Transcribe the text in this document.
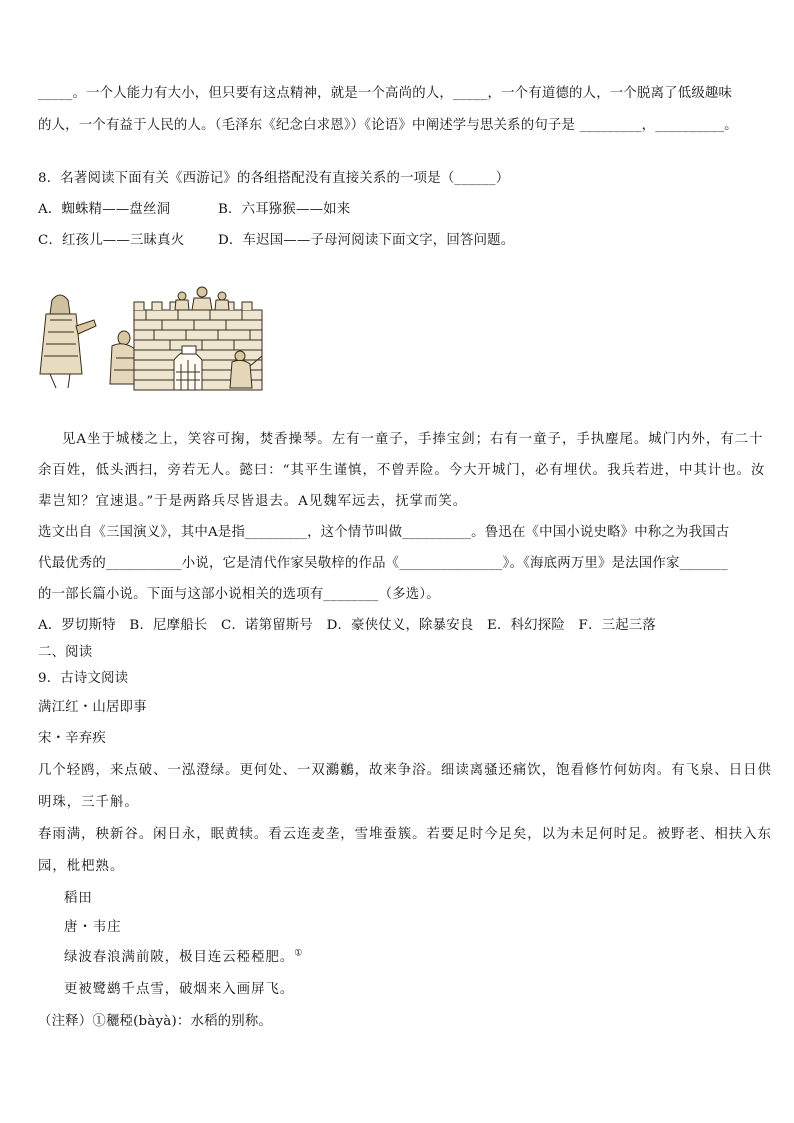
_____。一个人能力有大小，但只要有这点精神，就是一个高尚的人，_____，一个有道德的人，一个脱离了低级趣味
的人，一个有益于人民的人。（毛泽东《纪念白求恩》）《论语》中阐述学与思关系的句子是 _________，__________。
8．名著阅读下面有关《西游记》的各组搭配没有直接关系的一项是（______）
A．蜘蛛精——盘丝洞	B．六耳猕猴——如来
C．红孩儿——三昧真火	D．车迟国——子母河阅读下面文字，回答问题。
见A坐于城楼之上，笑容可掬，焚香操琴。左有一童子，手捧宝剑；右有一童子，手执麈尾。城门内外，有二十
余百姓，低头洒扫，旁若无人。懿曰：“其平生谨慎，不曾弄险。今大开城门，必有埋伏。我兵若进，中其计也。汝
辈岂知？宜速退。”于是两路兵尽皆退去。A见魏军远去，抚掌而笑。
选文出自《三国演义》，其中A是指_________，这个情节叫做__________。鲁迅在《中国小说史略》中称之为我国古
代最优秀的___________小说，它是清代作家吴敬梓的作品《_______________》。《海底两万里》是法国作家_______
的一部长篇小说。下面与这部小说相关的选项有________（多选）。
A．罗切斯特　B．尼摩船长　C．诺第留斯号　D．豪侠仗义，除暴安良　E．科幻探险　F．三起三落
二、阅读
9．古诗文阅读
满江红・山居即事
宋・辛弃疾
几个轻鸥，来点破、一泓澄绿。更何处、一双鸂鶒，故来争浴。细读离骚还痛饮，饱看修竹何妨肉。有飞泉、日日供
明珠，三千斛。
春雨满，秧新谷。闲日永，眠黄犊。看云连麦垄，雪堆蚕簇。若要足时今足矣，以为未足何时足。被野老、相扶入东
园，枇杷熟。
稻田
唐・韦庄
绿波春浪满前陂，极目连云稏稏肥。①
更被鹭鹚千点雪，破烟来入画屏飞。
（注释）①穲稏(bàyà)：水稻的别称。
